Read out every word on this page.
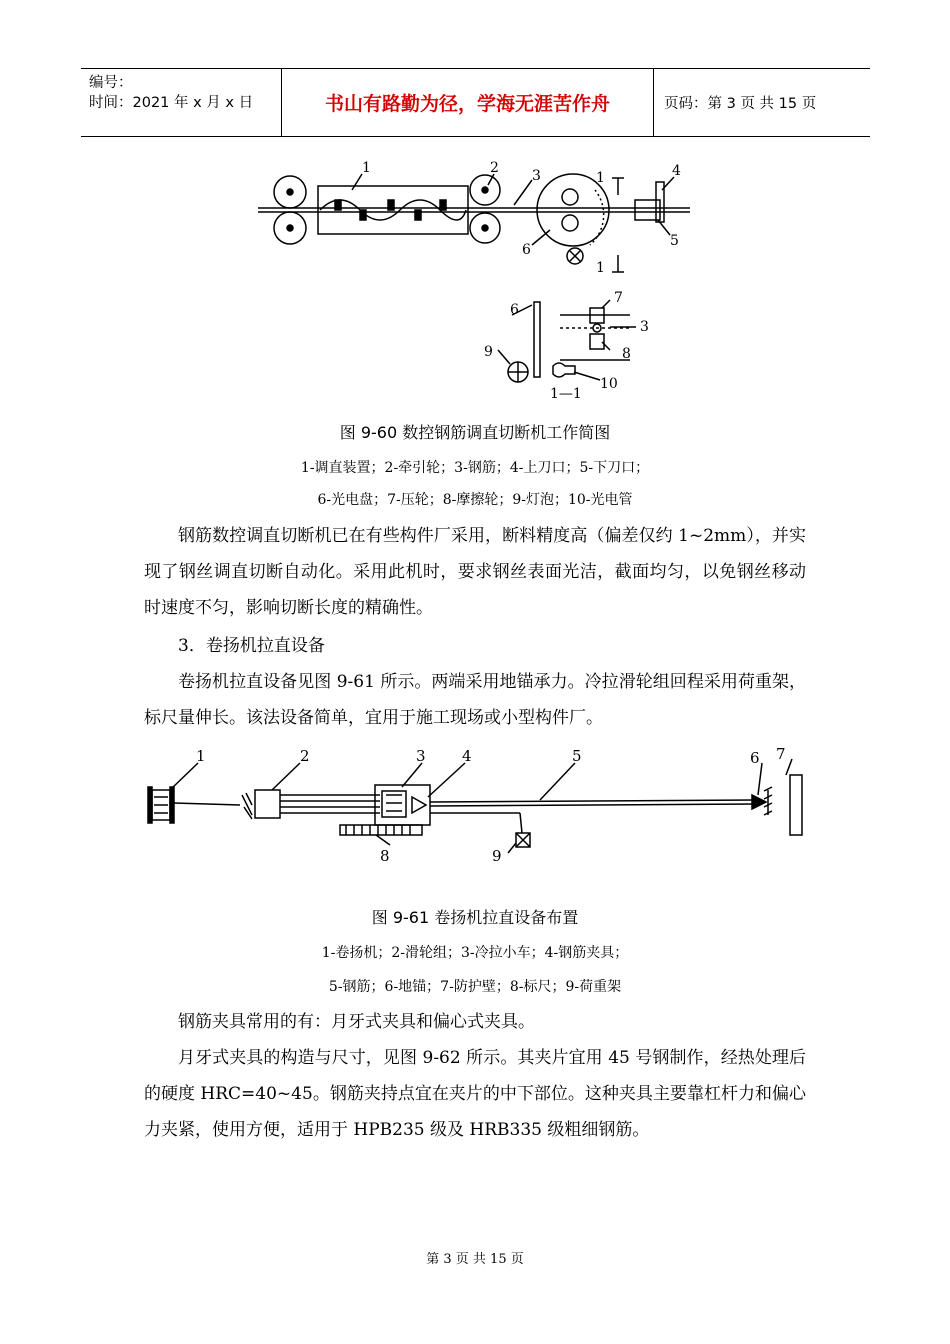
编号：
时间：2021 年 x 月 x 日	书山有路勤为径，学海无涯苦作舟	页码：第 3 页 共 15 页
1	2 3	4
5
6
1
1
6
7
3
8
9
10
1—1
图 9-60 数控钢筋调直切断机工作简图
1-调直装置；2-牵引轮；3-钢筋；4-上刀口；5-下刀口；
6-光电盘；7-压轮；8-摩擦轮；9-灯泡；10-光电管
钢筋数控调直切断机已在有些构件厂采用，断料精度高（偏差仅约 1~2mm），并实现了钢丝调直切断自动化。采用此机时，要求钢丝表面光洁，截面均匀，以免钢丝移动时速度不匀，影响切断长度的精确性。
3．卷扬机拉直设备
卷扬机拉直设备见图 9-61 所示。两端采用地锚承力。冷拉滑轮组回程采用荷重架，标尺量伸长。该法设备简单，宜用于施工现场或小型构件厂。
1	2	3 4	5	6 7
8	9
图 9-61 卷扬机拉直设备布置
1-卷扬机；2-滑轮组；3-冷拉小车；4-钢筋夹具；
5-钢筋；6-地锚；7-防护壁；8-标尺；9-荷重架
钢筋夹具常用的有：月牙式夹具和偏心式夹具。
月牙式夹具的构造与尺寸，见图 9-62 所示。其夹片宜用 45 号钢制作，经热处理后的硬度 HRC=40~45。钢筋夹持点宜在夹片的中下部位。这种夹具主要靠杠杆力和偏心力夹紧，使用方便，适用于 HPB235 级及 HRB335 级粗细钢筋。
第 3 页 共 15 页
